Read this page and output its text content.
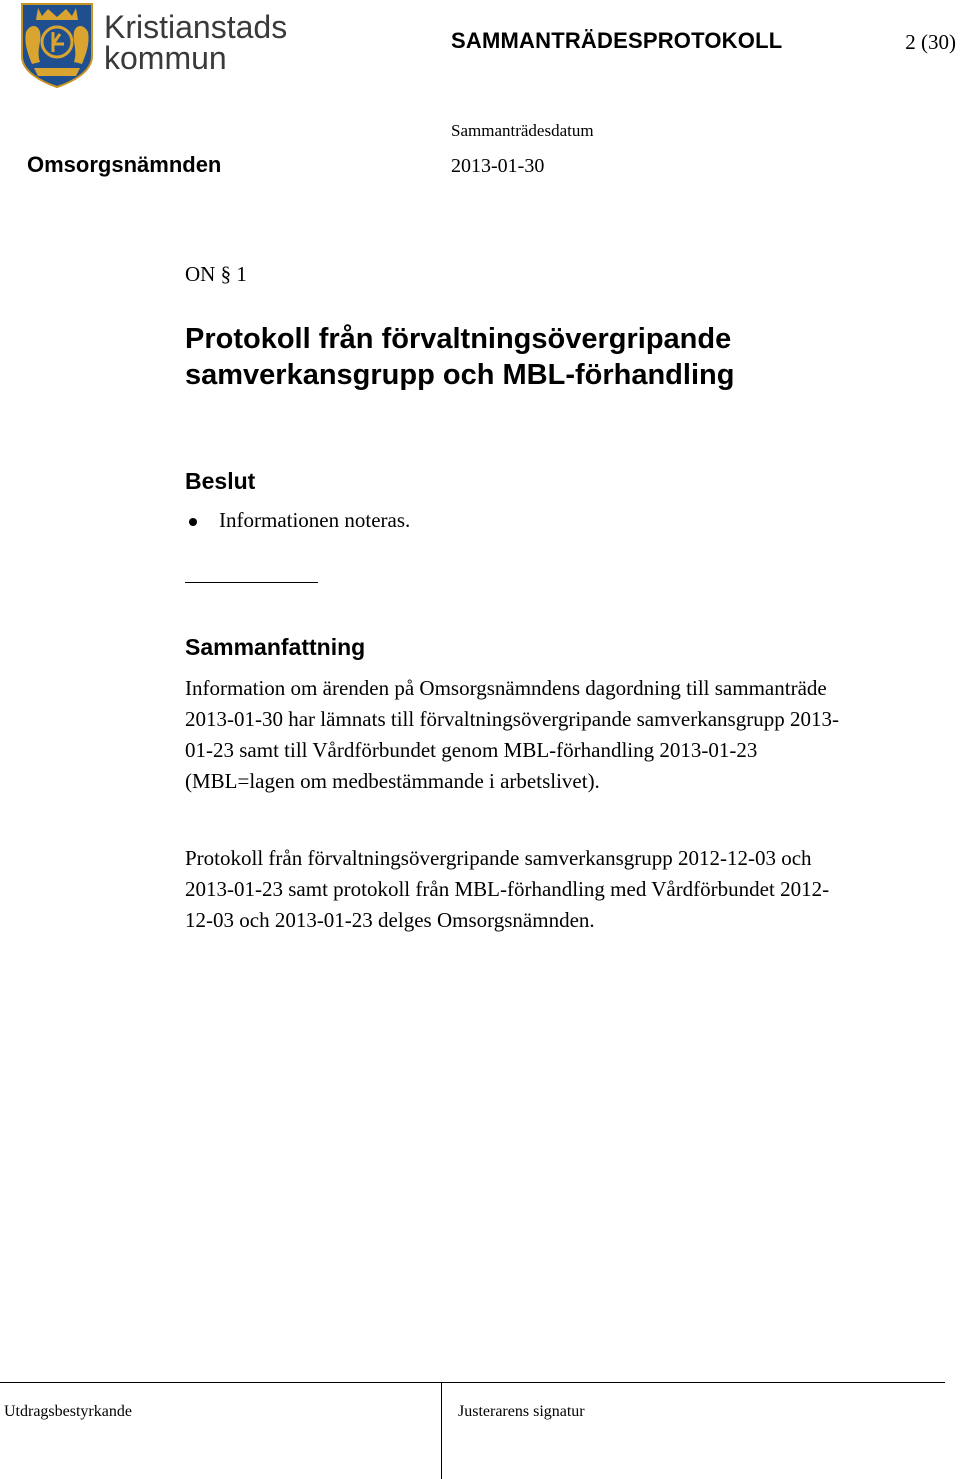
Kristianstads
kommun	SAMMANTRÄDESPROTOKOLL	2 (30)
Sammanträdesdatum
Omsorgsnämnden	2013-01-30
ON § 1
Protokoll från förvaltningsövergripande samverkansgrupp och MBL-förhandling
Beslut
Informationen noteras.
Sammanfattning

Information om ärenden på Omsorgsnämndens dagordning till sammanträde 2013-01-30 har lämnats till förvaltningsövergripande samverkansgrupp 2013-01-23 samt till Vårdförbundet genom MBL-förhandling 2013-01-23 (MBL=lagen om medbestämmande i arbetslivet).

Protokoll från förvaltningsövergripande samverkansgrupp 2012-12-03 och 2013-01-23 samt protokoll från MBL-förhandling med Vårdförbundet 2012-12-03 och 2013-01-23 delges Omsorgsnämnden.

Utdragsbestyrkande	Justerarens signatur
